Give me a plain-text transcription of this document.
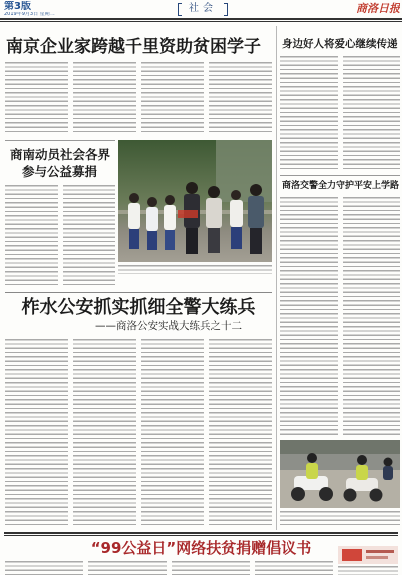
第3版
2019年9月3日 星期二	社会	商洛日报
南京企业家跨越千里资助贫困学子
商南动员社会各界
参与公益募捐
柞水公安抓实抓细全警大练兵
——商洛公安实战大练兵之十二
身边好人将爱心继续传递
商洛交警全力守护平安上学路
“99公益日”网络扶贫捐赠倡议书
